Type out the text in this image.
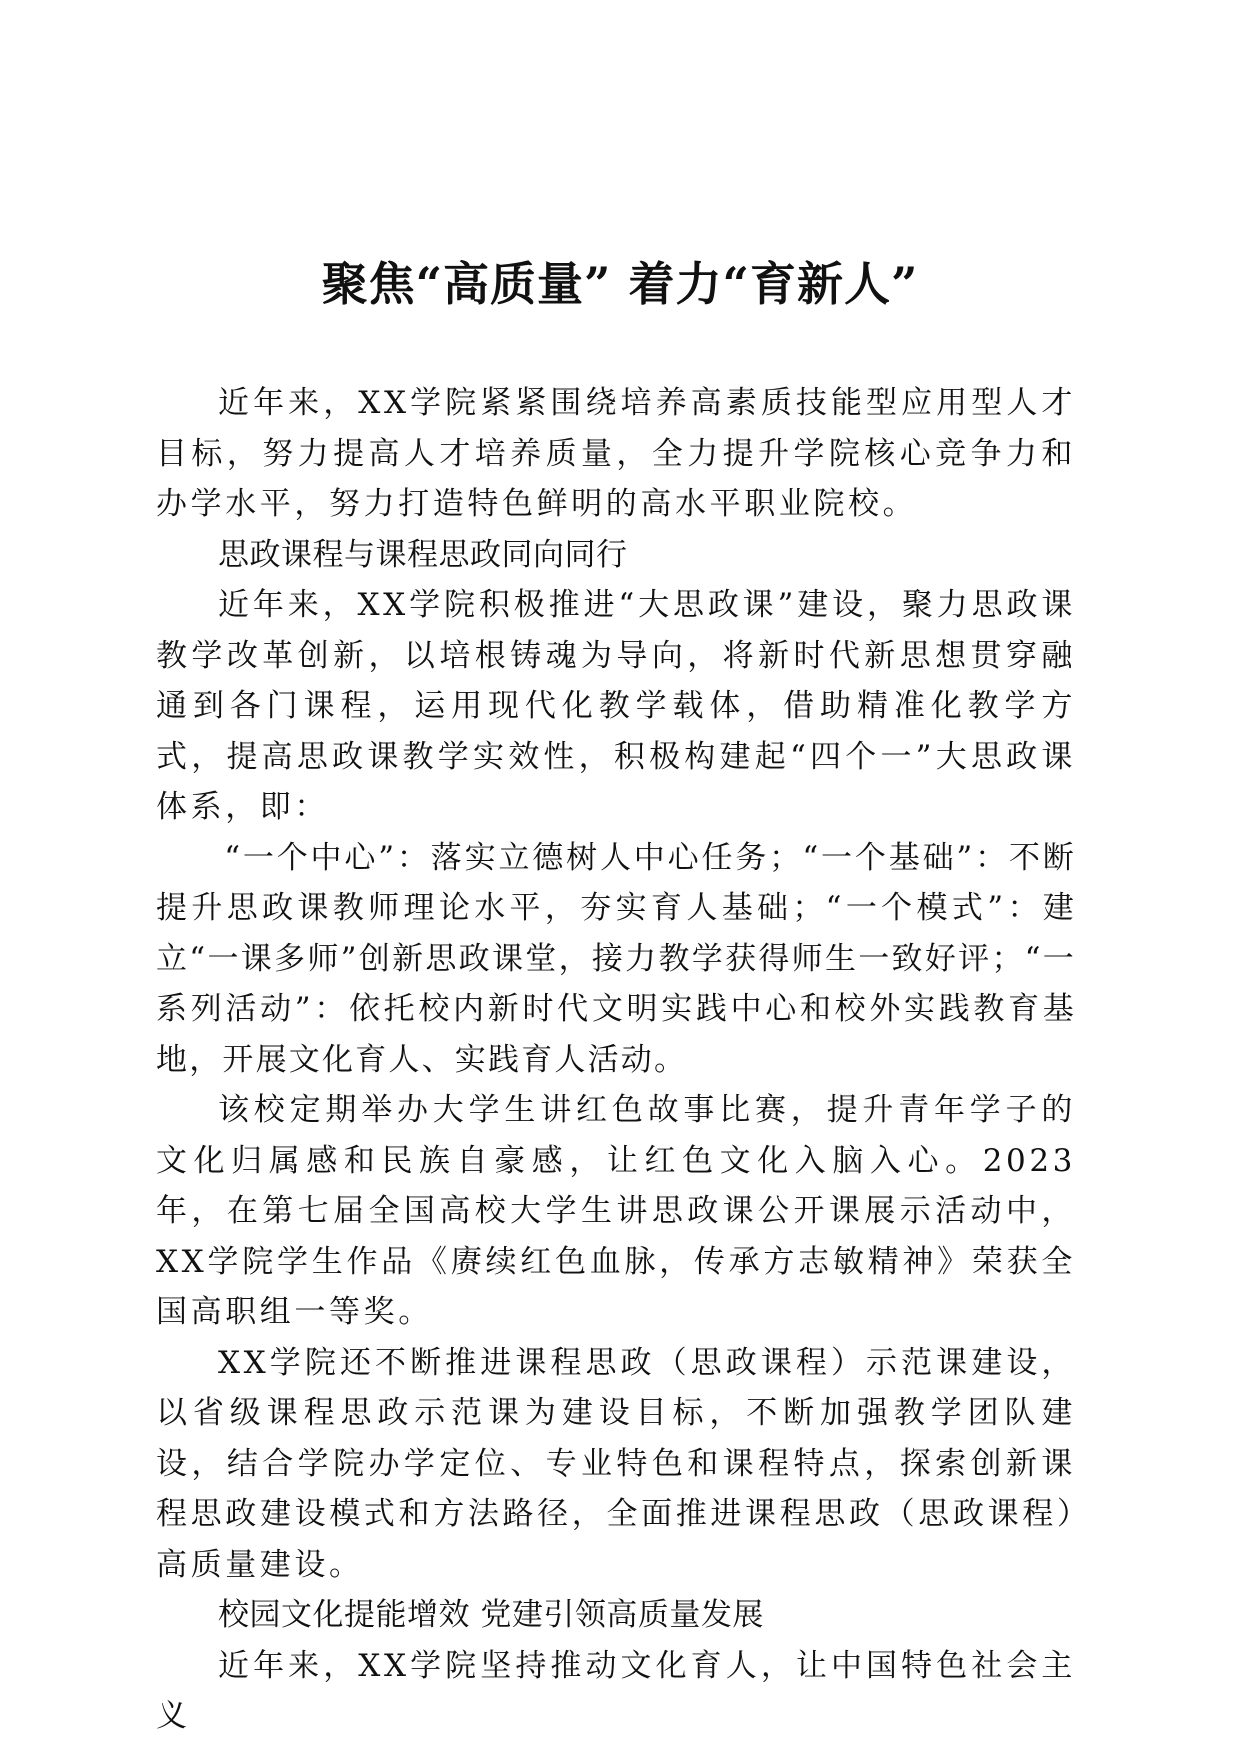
聚焦“高质量” 着力“育新人”

近年来，XX学院紧紧围绕培养高素质技能型应用型人才目标，努力提高人才培养质量，全力提升学院核心竞争力和办学水平，努力打造特色鲜明的高水平职业院校。

思政课程与课程思政同向同行

近年来，XX学院积极推进“大思政课”建设，聚力思政课教学改革创新，以培根铸魂为导向，将新时代新思想贯穿融通到各门课程，运用现代化教学载体，借助精准化教学方式，提高思政课教学实效性，积极构建起“四个一”大思政课体系，即：

“一个中心”：落实立德树人中心任务；“一个基础”：不断提升思政课教师理论水平，夯实育人基础；“一个模式”：建立“一课多师”创新思政课堂，接力教学获得师生一致好评；“一系列活动”：依托校内新时代文明实践中心和校外实践教育基地，开展文化育人、实践育人活动。

该校定期举办大学生讲红色故事比赛，提升青年学子的文化归属感和民族自豪感，让红色文化入脑入心。2023年，在第七届全国高校大学生讲思政课公开课展示活动中，XX学院学生作品《赓续红色血脉，传承方志敏精神》荣获全国高职组一等奖。

XX学院还不断推进课程思政（思政课程）示范课建设，以省级课程思政示范课为建设目标，不断加强教学团队建设，结合学院办学定位、专业特色和课程特点，探索创新课程思政建设模式和方法路径，全面推进课程思政（思政课程）高质量建设。

校园文化提能增效 党建引领高质量发展

近年来，XX学院坚持推动文化育人，让中国特色社会主义
